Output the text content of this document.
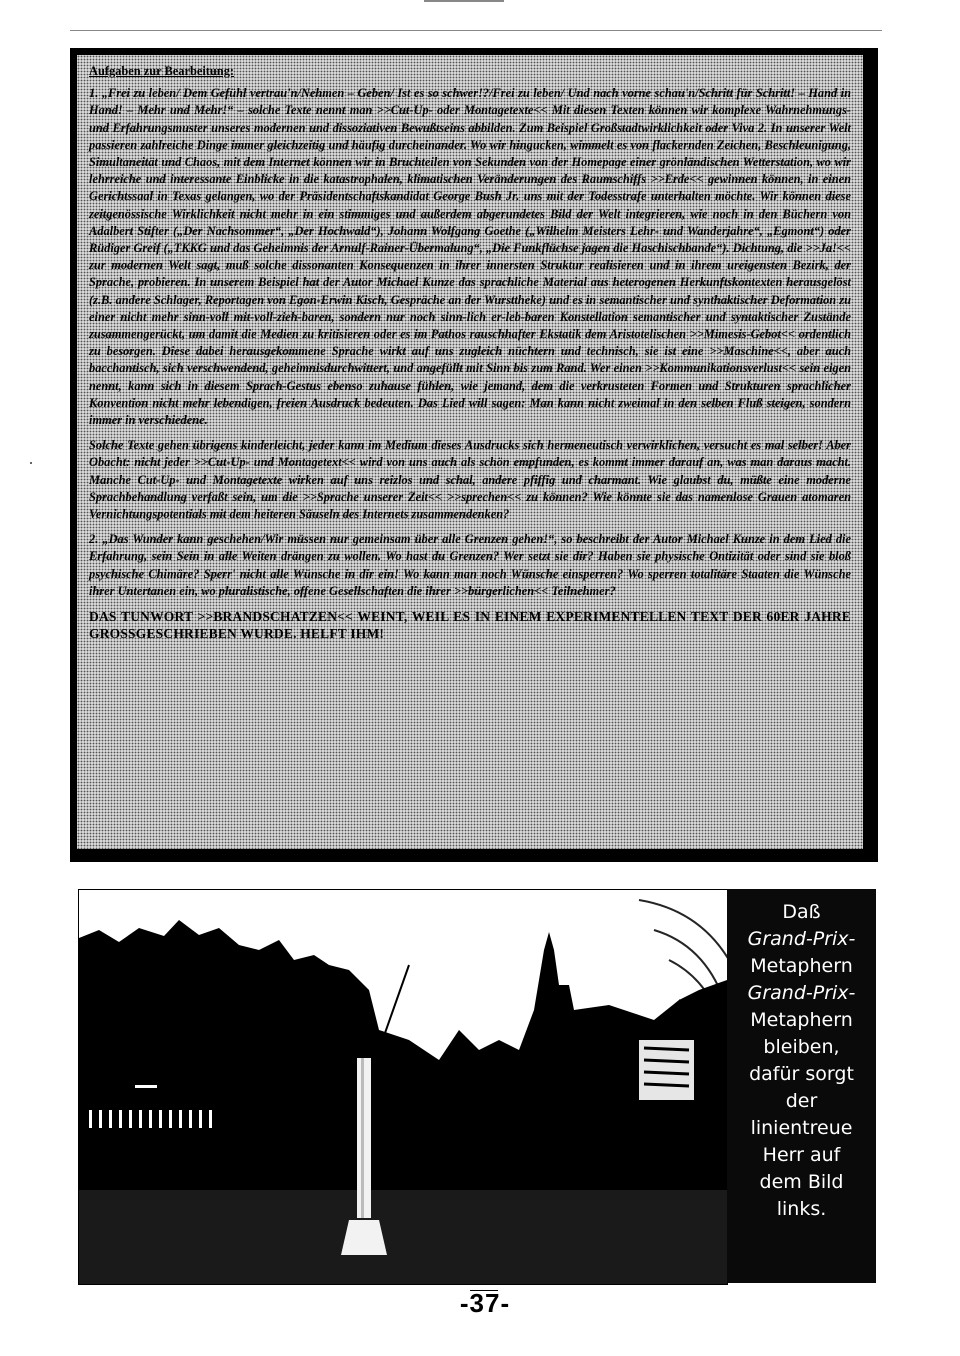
Aufgaben zur Bearbeitung:

1. „Frei zu leben/ Dem Gefühl vertrau'n/Nehmen – Geben/ Ist es so schwer!?/Frei zu leben/ Und nach vorne schau'n/Schritt für Schritt! – Hand in Hand! – Mehr und Mehr!“ – solche Texte nennt man >>Cut-Up- oder Montagetexte<< Mit diesen Texten können wir komplexe Wahrnehmungs- und Erfahrungsmuster unseres modernen und dissoziativen Bewußtseins abbilden. Zum Beispiel Großstadtwirklichkeit oder Viva 2. In unserer Welt passieren zahlreiche Dinge immer gleichzeitig und häufig durcheinander. Wo wir hingucken, wimmelt es von flackernden Zeichen, Beschleunigung, Simultaneität und Chaos, mit dem Internet können wir in Bruchteilen von Sekunden von der Homepage einer grönländischen Wetterstation, wo wir lehrreiche und interessante Einblicke in die katastrophalen, klimatischen Veränderungen des Raumschiffs >>Erde<< gewinnen können, in einen Gerichtssaal in Texas gelangen, wo der Präsidentschaftskandidat George Bush Jr. uns mit der Todesstrafe unterhalten möchte. Wir können diese zeitgenössische Wirklichkeit nicht mehr in ein stimmiges und außerdem abgerundetes Bild der Welt integrieren, wie noch in den Büchern von Adalbert Stifter („Der Nachsommer“, „Der Hochwald“), Johann Wolfgang Goethe („Wilhelm Meisters Lehr- und Wanderjahre“, „Egmont“) oder Rüdiger Greif („TKKG und das Geheimnis der Arnulf-Rainer-Übermalung“, „Die Funkflüchse jagen die Haschischbande“). Dichtung, die >>Ja!<< zur modernen Welt sagt, muß solche dissonanten Konsequenzen in ihrer innersten Struktur realisieren und in ihrem ureigensten Bezirk, der Sprache, probieren. In unserem Beispiel hat der Autor Michael Kunze das sprachliche Material aus heterogenen Herkunftskontexten herausgelöst (z.B. andere Schlager, Reportagen von Egon-Erwin Kisch, Gespräche an der Wursttheke) und es in semantischer und synthaktischer Deformation zu einer nicht mehr sinn-voll mit-voll-zieh-baren, sondern nur noch sinn-lich er-leb-baren Konstellation semantischer und syntaktischer Zustände zusammengerückt, um damit die Medien zu kritisieren oder es im Pathos rauschhafter Ekstatik dem Aristotelischen >>Mimesis-Gebot<< ordentlich zu besorgen. Diese dabei herausgekommene Sprache wirkt auf uns zugleich nüchtern und technisch, sie ist eine >>Maschine<<, aber auch bacchantisch, sich verschwendend, geheimnisdurchwittert, und angefüllt mit Sinn bis zum Rand. Wer einen >>Kommunikationsverlust<< sein eigen nennt, kann sich in diesem Sprach-Gestus ebenso zuhause fühlen, wie jemand, dem die verkrusteten Formen und Strukturen sprachlicher Konvention nicht mehr lebendigen, freien Ausdruck bedeuten. Das Lied will sagen: Man kann nicht zweimal in den selben Fluß steigen, sondern immer in verschiedene.

Solche Texte gehen übrigens kinderleicht, jeder kann im Medium dieses Ausdrucks sich hermeneutisch verwirklichen, versucht es mal selber! Aber Obacht: nicht jeder >>Cut-Up- und Montagetext<< wird von uns auch als schön empfunden, es kommt immer darauf an, was man daraus macht. Manche Cut-Up- und Montagetexte wirken auf uns reizlos und schal, andere pfiffig und charmant. Wie glaubst du, müßte eine moderne Sprachbehandlung verfaßt sein, um die >>Sprache unserer Zeit<< >>sprechen<< zu können? Wie könnte sie das namenlose Grauen atomaren Vernichtungspotentials mit dem heiteren Säuseln des Internets zusammendenken?

2. „Das Wunder kann geschehen/Wir müssen nur gemeinsam über alle Grenzen gehen!“, so beschreibt der Autor Michael Kunze in dem Lied die Erfahrung, sein Sein in alle Weiten drängen zu wollen. Wo hast du Grenzen? Wer setzt sie dir? Haben sie physische Ontizität oder sind sie bloß psychische Chimäre? Sperr' nicht alle Wünsche in dir ein! Wo kann man noch Wünsche einsperren? Wo sperren totalitäre Staaten die Wünsche ihrer Untertanen ein, wo pluralistische, offene Gesellschaften die ihrer >>bürgerlichen<< Teilnehmer?

DAS TUNWORT >>BRANDSCHATZEN<< WEINT, WEIL ES IN EINEM EXPERIMENTELLEN TEXT DER 60ER JAHRE GROSSGESCHRIEBEN WURDE. HELFT IHM!

Daß
Grand-Prix-
Metaphern
Grand-Prix-
Metaphern
bleiben,
dafür sorgt
der
linientreue
Herr auf
dem Bild
links.
-37-
